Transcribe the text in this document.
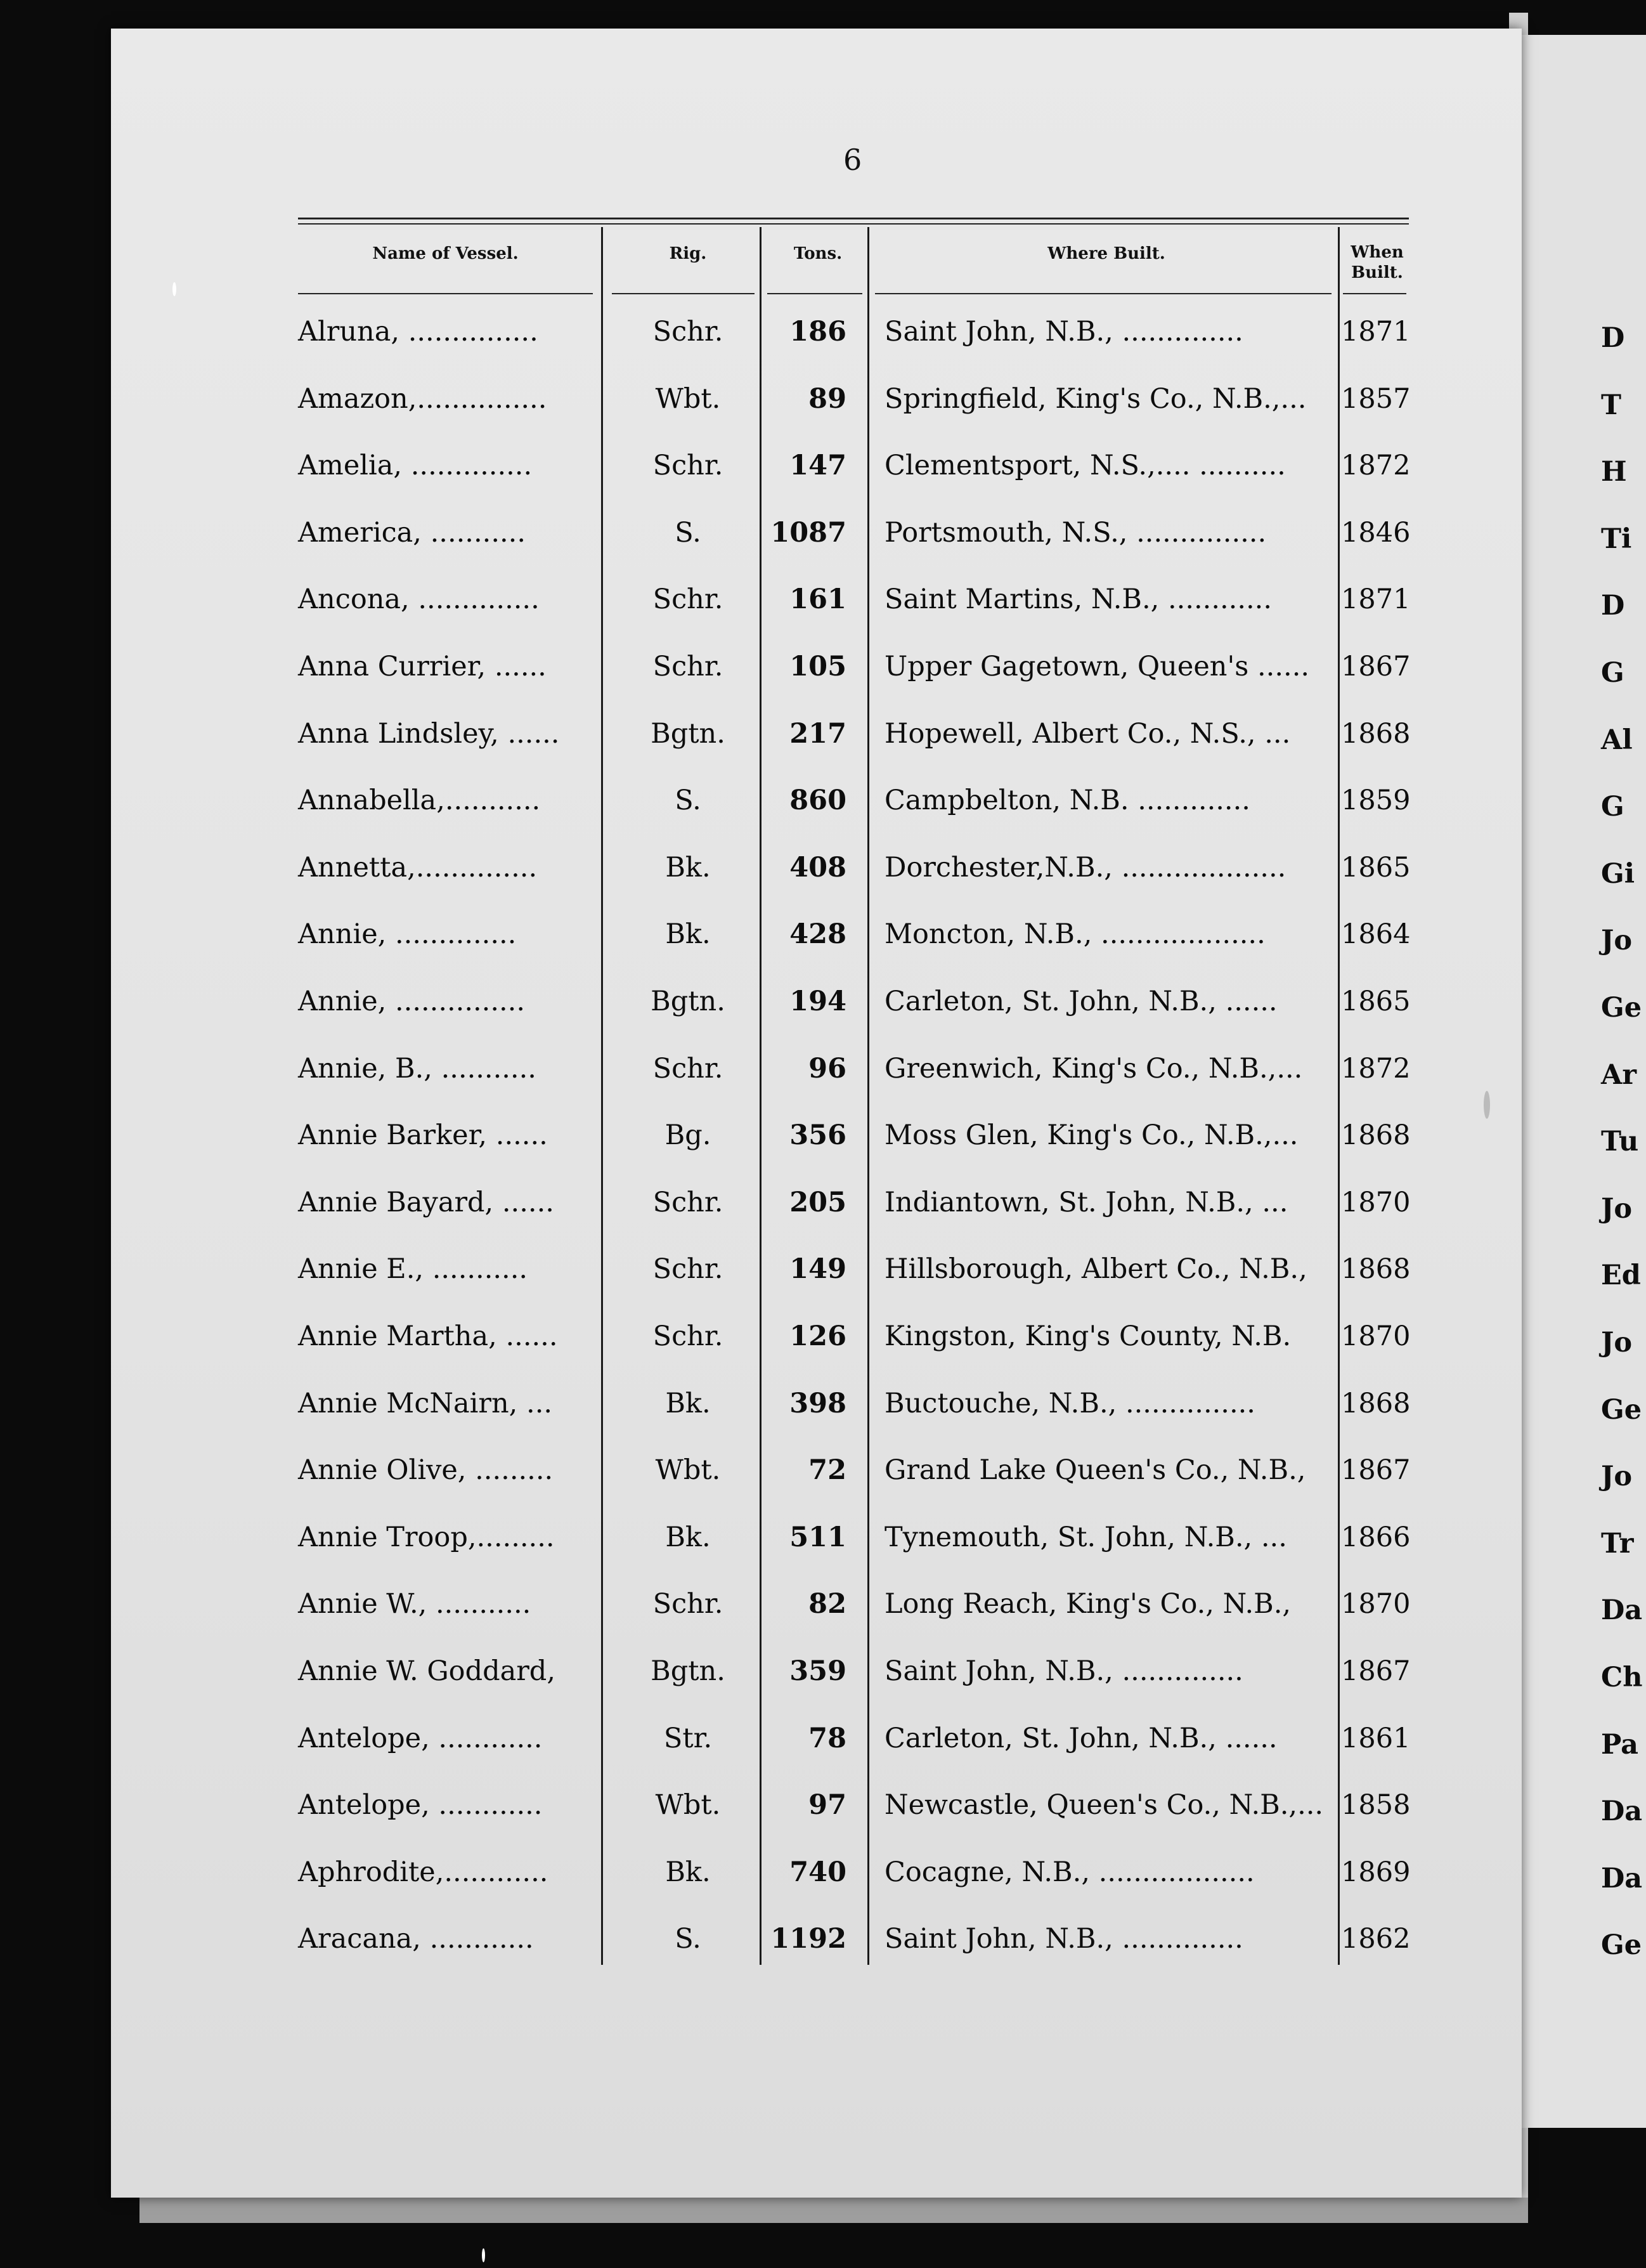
6
Name of Vessel.	Rig.	Tons.	Where Built.	When
Built.
Alruna, ...............	Schr.	186 Saint John, N.B., ..............	1871
Amazon,...............	Wbt.	89 Springfield, King's Co., N.B.,... 1857
Amelia, ..............	Schr.	147 Clementsport, N.S.,.... .......... 1872
America, ...........	S.	1087 Portsmouth, N.S., ...............	1846
Ancona, ..............	Schr.	161 Saint Martins, N.B., ............	1871
Anna Currier, ......	Schr.	105 Upper Gagetown, Queen's ...... 1867
Anna Lindsley, ......	Bgtn.	217 Hopewell, Albert Co., N.S., ... 1868
Annabella,...........	S.	860 Campbelton, N.B. .............	1859
Annetta,..............	Bk.	408 Dorchester,N.B., ................... 1865
Annie, ..............	Bk.	428 Moncton, N.B., ...................	1864
Annie, ...............	Bgtn.	194 Carleton, St. John, N.B., ...... 1865
Annie, B., ...........	Schr.	96 Greenwich, King's Co., N.B.,... 1872
Annie Barker, ......	Bg.	356 Moss Glen, King's Co., N.B.,... 1868
Annie Bayard, ......	Schr.	205 Indiantown, St. John, N.B., ... 1870
Annie E., ...........	Schr.	149 Hillsborough, Albert Co., N.B., 1868
Annie Martha, ......	Schr.	126 Kingston, King's County, N.B. 1870
Annie McNairn, ...	Bk.	398 Buctouche, N.B., ...............	1868
Annie Olive, .........	Wbt.	72 Grand Lake Queen's Co., N.B., 1867
Annie Troop,.........	Bk.	511 Tynemouth, St. John, N.B., ... 1866
Annie W., ...........	Schr.	82 Long Reach, King's Co., N.B., 1870
Annie W. Goddard,	Bgtn.	359 Saint John, N.B., ..............	1867
Antelope, ............	Str.	78 Carleton, St. John, N.B., ...... 1861
Antelope, ............	Wbt.	97 Newcastle, Queen's Co., N.B.,... 1858
Aphrodite,............	Bk.	740 Cocagne, N.B., ..................	1869
Aracana, ............	S.	1192 Saint John, N.B., ..............	1862
D
T
H
Ti
D
G
Al
G
Gi
Jo
Ge
Ar
Tu
Jo
Ed
Jo
Ge
Jo
Tr
Da
Ch
Pa
Da
Da
Ge
